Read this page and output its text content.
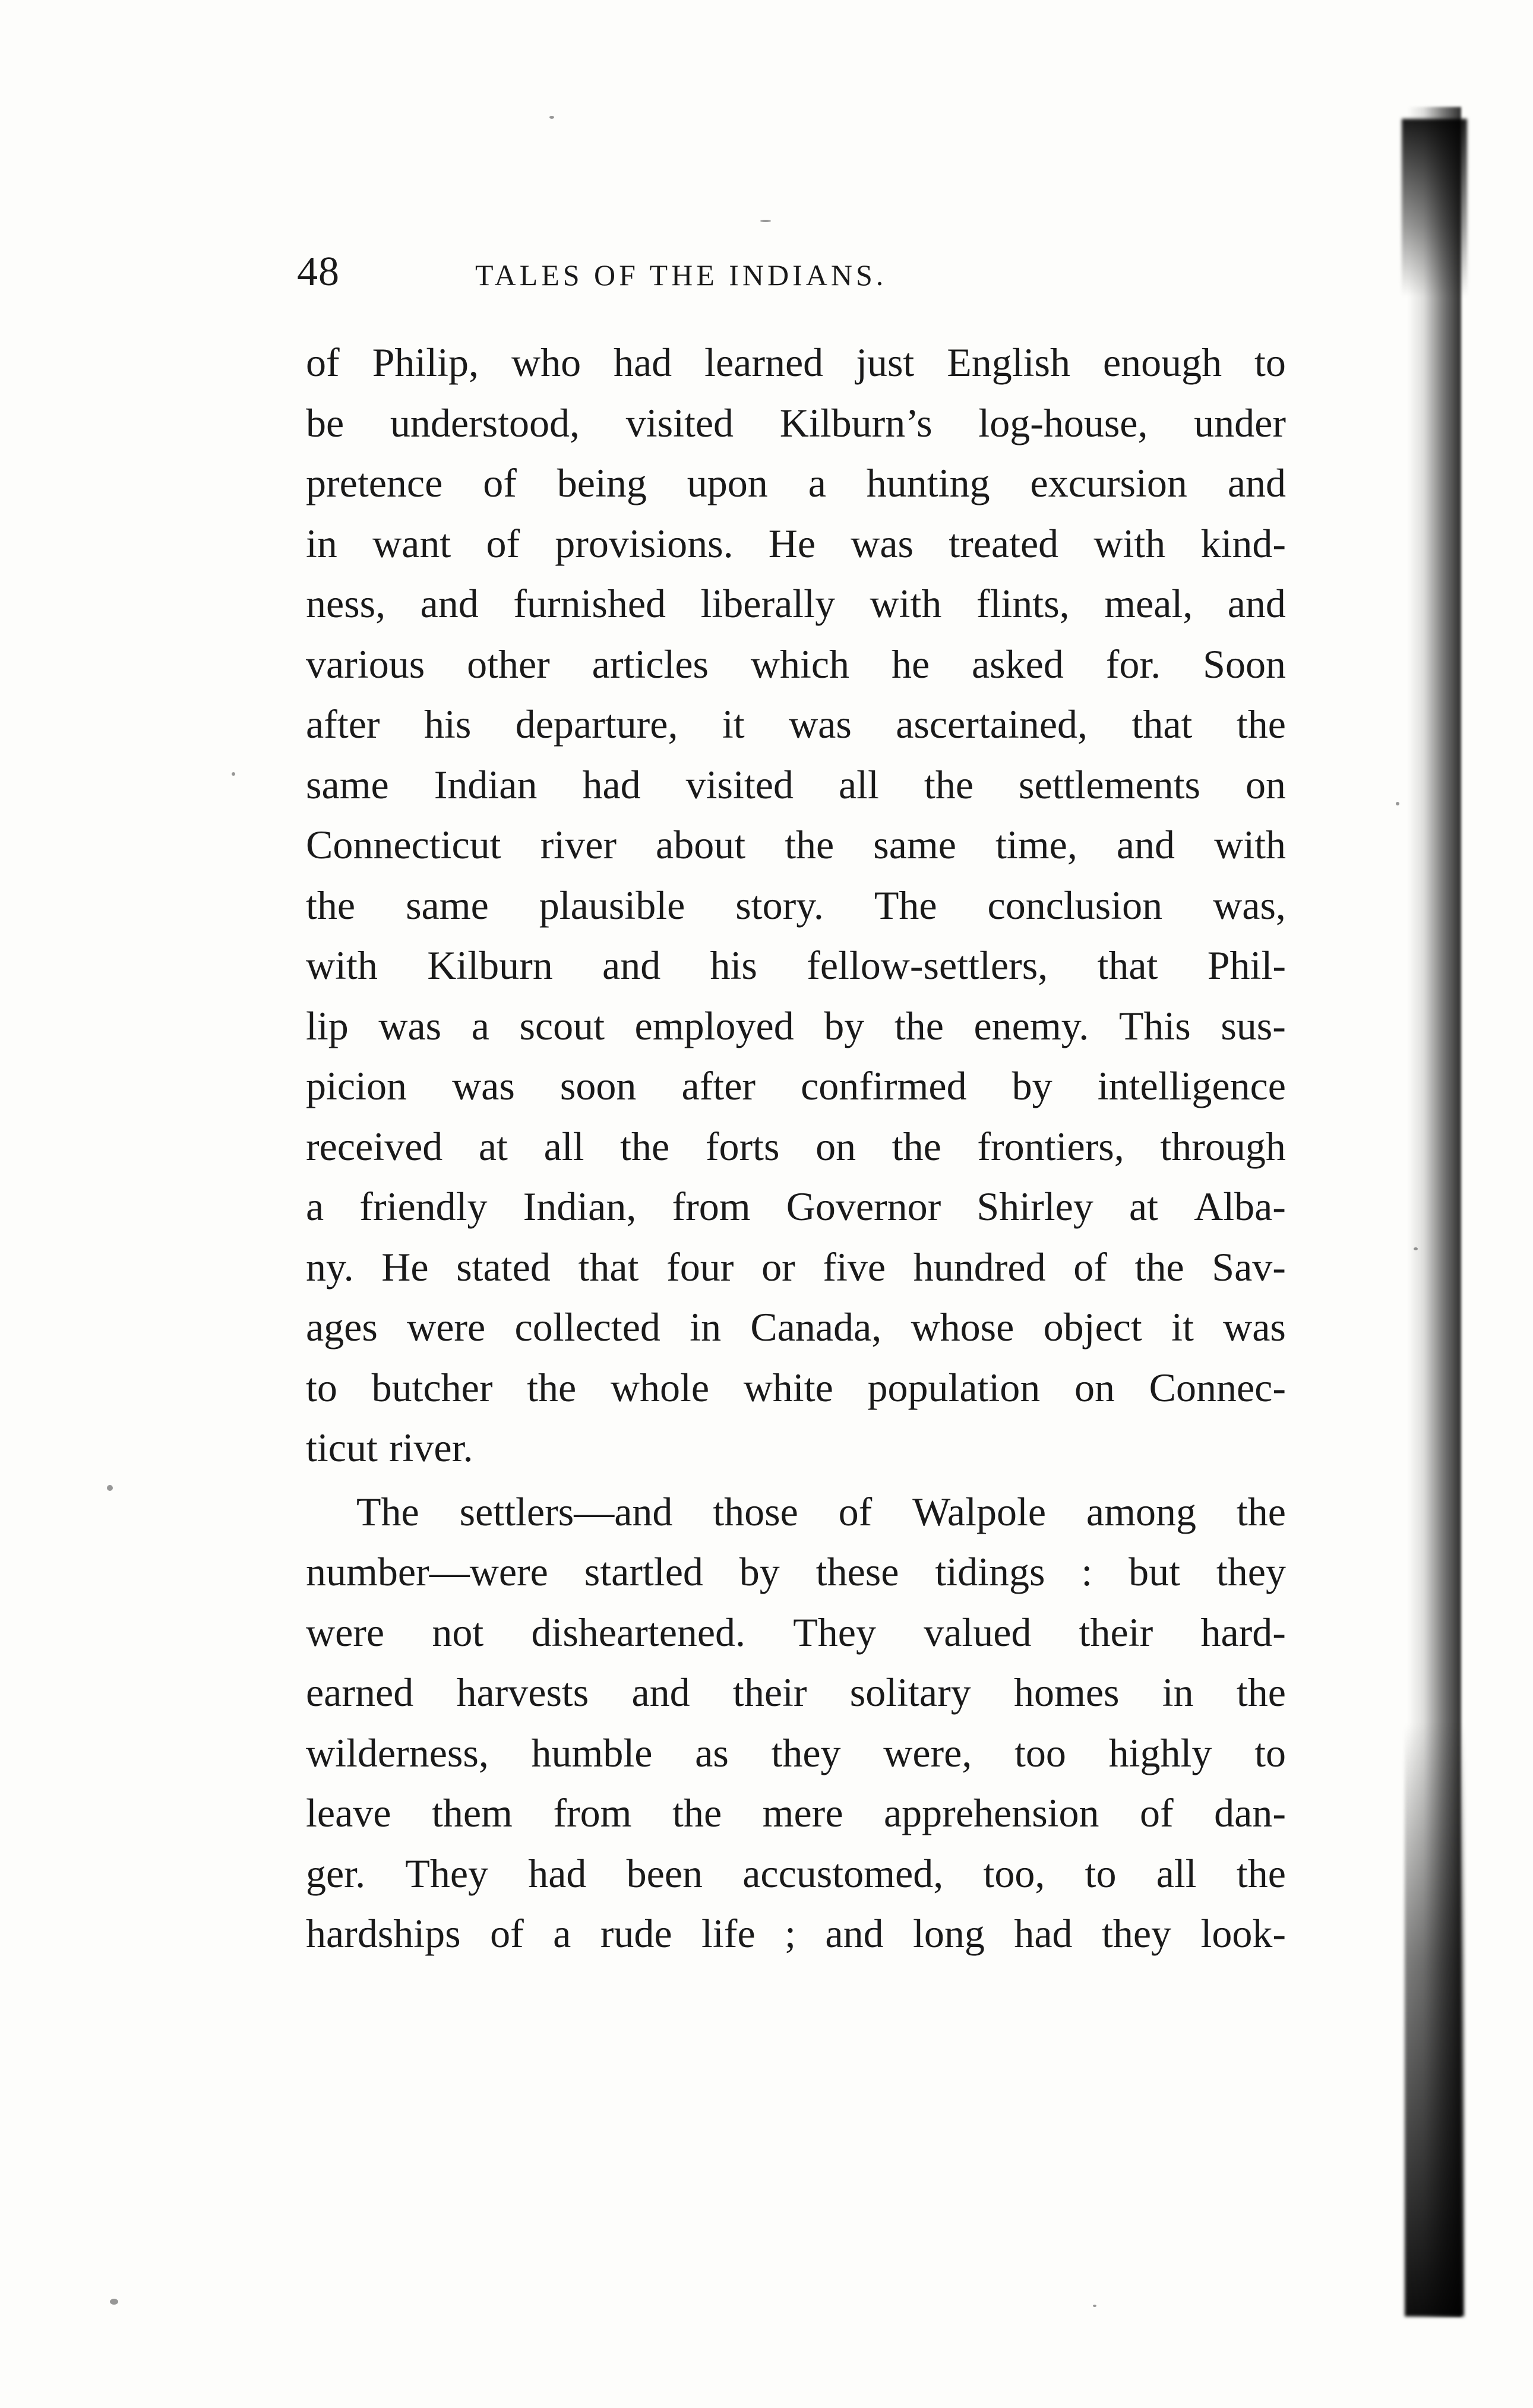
48	TALES OF THE INDIANS.

of Philip, who had learned just English enough to
be understood, visited Kilburn’s log-house, under
pretence of being upon a hunting excursion and
in want of provisions. He was treated with kind-
ness, and furnished liberally with flints, meal, and
various other articles which he asked for. Soon
after his departure, it was ascertained, that the
same Indian had visited all the settlements on
Connecticut river about the same time, and with
the same plausible story. The conclusion was,
with Kilburn and his fellow-settlers, that Phil-
lip was a scout employed by the enemy. This sus-
picion was soon after confirmed by intelligence
received at all the forts on the frontiers, through
a friendly Indian, from Governor Shirley at Alba-
ny. He stated that four or five hundred of the Sav-
ages were collected in Canada, whose object it was
to butcher the whole white population on Connec-
ticut river.

The settlers—and those of Walpole among the
number—were startled by these tidings : but they
were not disheartened. They valued their hard-
earned harvests and their solitary homes in the
wilderness, humble as they were, too highly to
leave them from the mere apprehension of dan-
ger. They had been accustomed, too, to all the
hardships of a rude life ; and long had they look-
